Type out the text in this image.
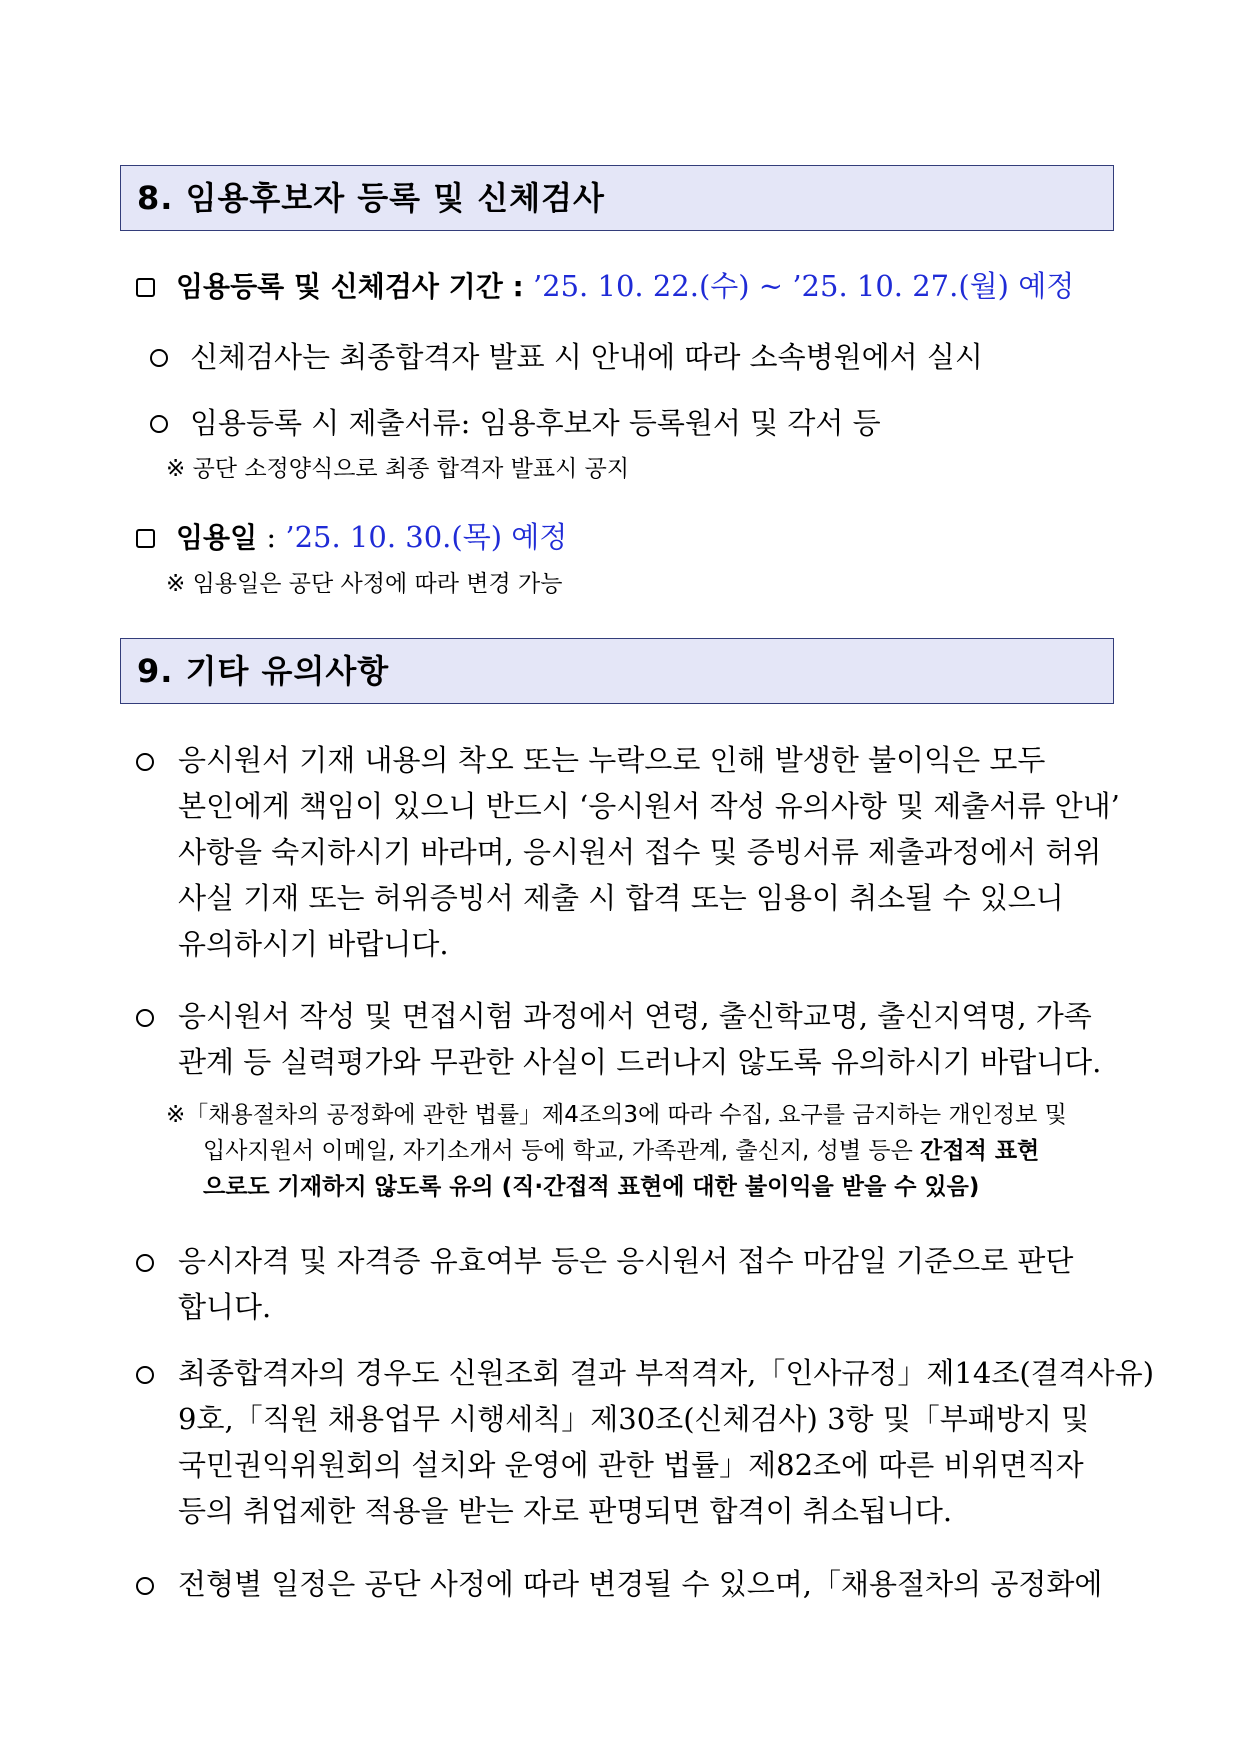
8. 임용후보자 등록 및 신체검사
임용등록 및 신체검사 기간 : ’25. 10. 22.(수) ~ ’25. 10. 27.(월) 예정
신체검사는 최종합격자 발표 시 안내에 따라 소속병원에서 실시
임용등록 시 제출서류: 임용후보자 등록원서 및 각서 등
※ 공단 소정양식으로 최종 합격자 발표시 공지
임용일 : ’25. 10. 30.(목) 예정
※ 임용일은 공단 사정에 따라 변경 가능
9. 기타 유의사항
응시원서 기재 내용의 착오 또는 누락으로 인해 발생한 불이익은 모두
본인에게 책임이 있으니 반드시 ‘응시원서 작성 유의사항 및 제출서류 안내’
사항을 숙지하시기 바라며, 응시원서 접수 및 증빙서류 제출과정에서 허위
사실 기재 또는 허위증빙서 제출 시 합격 또는 임용이 취소될 수 있으니
유의하시기 바랍니다.
응시원서 작성 및 면접시험 과정에서 연령, 출신학교명, 출신지역명, 가족
관계 등 실력평가와 무관한 사실이 드러나지 않도록 유의하시기 바랍니다.
※「채용절차의 공정화에 관한 법률」제4조의3에 따라 수집, 요구를 금지하는 개인정보 및
입사지원서 이메일, 자기소개서 등에 학교, 가족관계, 출신지, 성별 등은 간접적 표현
으로도 기재하지 않도록 유의 (직·간접적 표현에 대한 불이익을 받을 수 있음)
응시자격 및 자격증 유효여부 등은 응시원서 접수 마감일 기준으로 판단
합니다.
최종합격자의 경우도 신원조회 결과 부적격자,「인사규정」제14조(결격사유)
9호,「직원 채용업무 시행세칙」제30조(신체검사) 3항 및「부패방지 및
국민권익위원회의 설치와 운영에 관한 법률」제82조에 따른 비위면직자
등의 취업제한 적용을 받는 자로 판명되면 합격이 취소됩니다.
전형별 일정은 공단 사정에 따라 변경될 수 있으며,「채용절차의 공정화에
